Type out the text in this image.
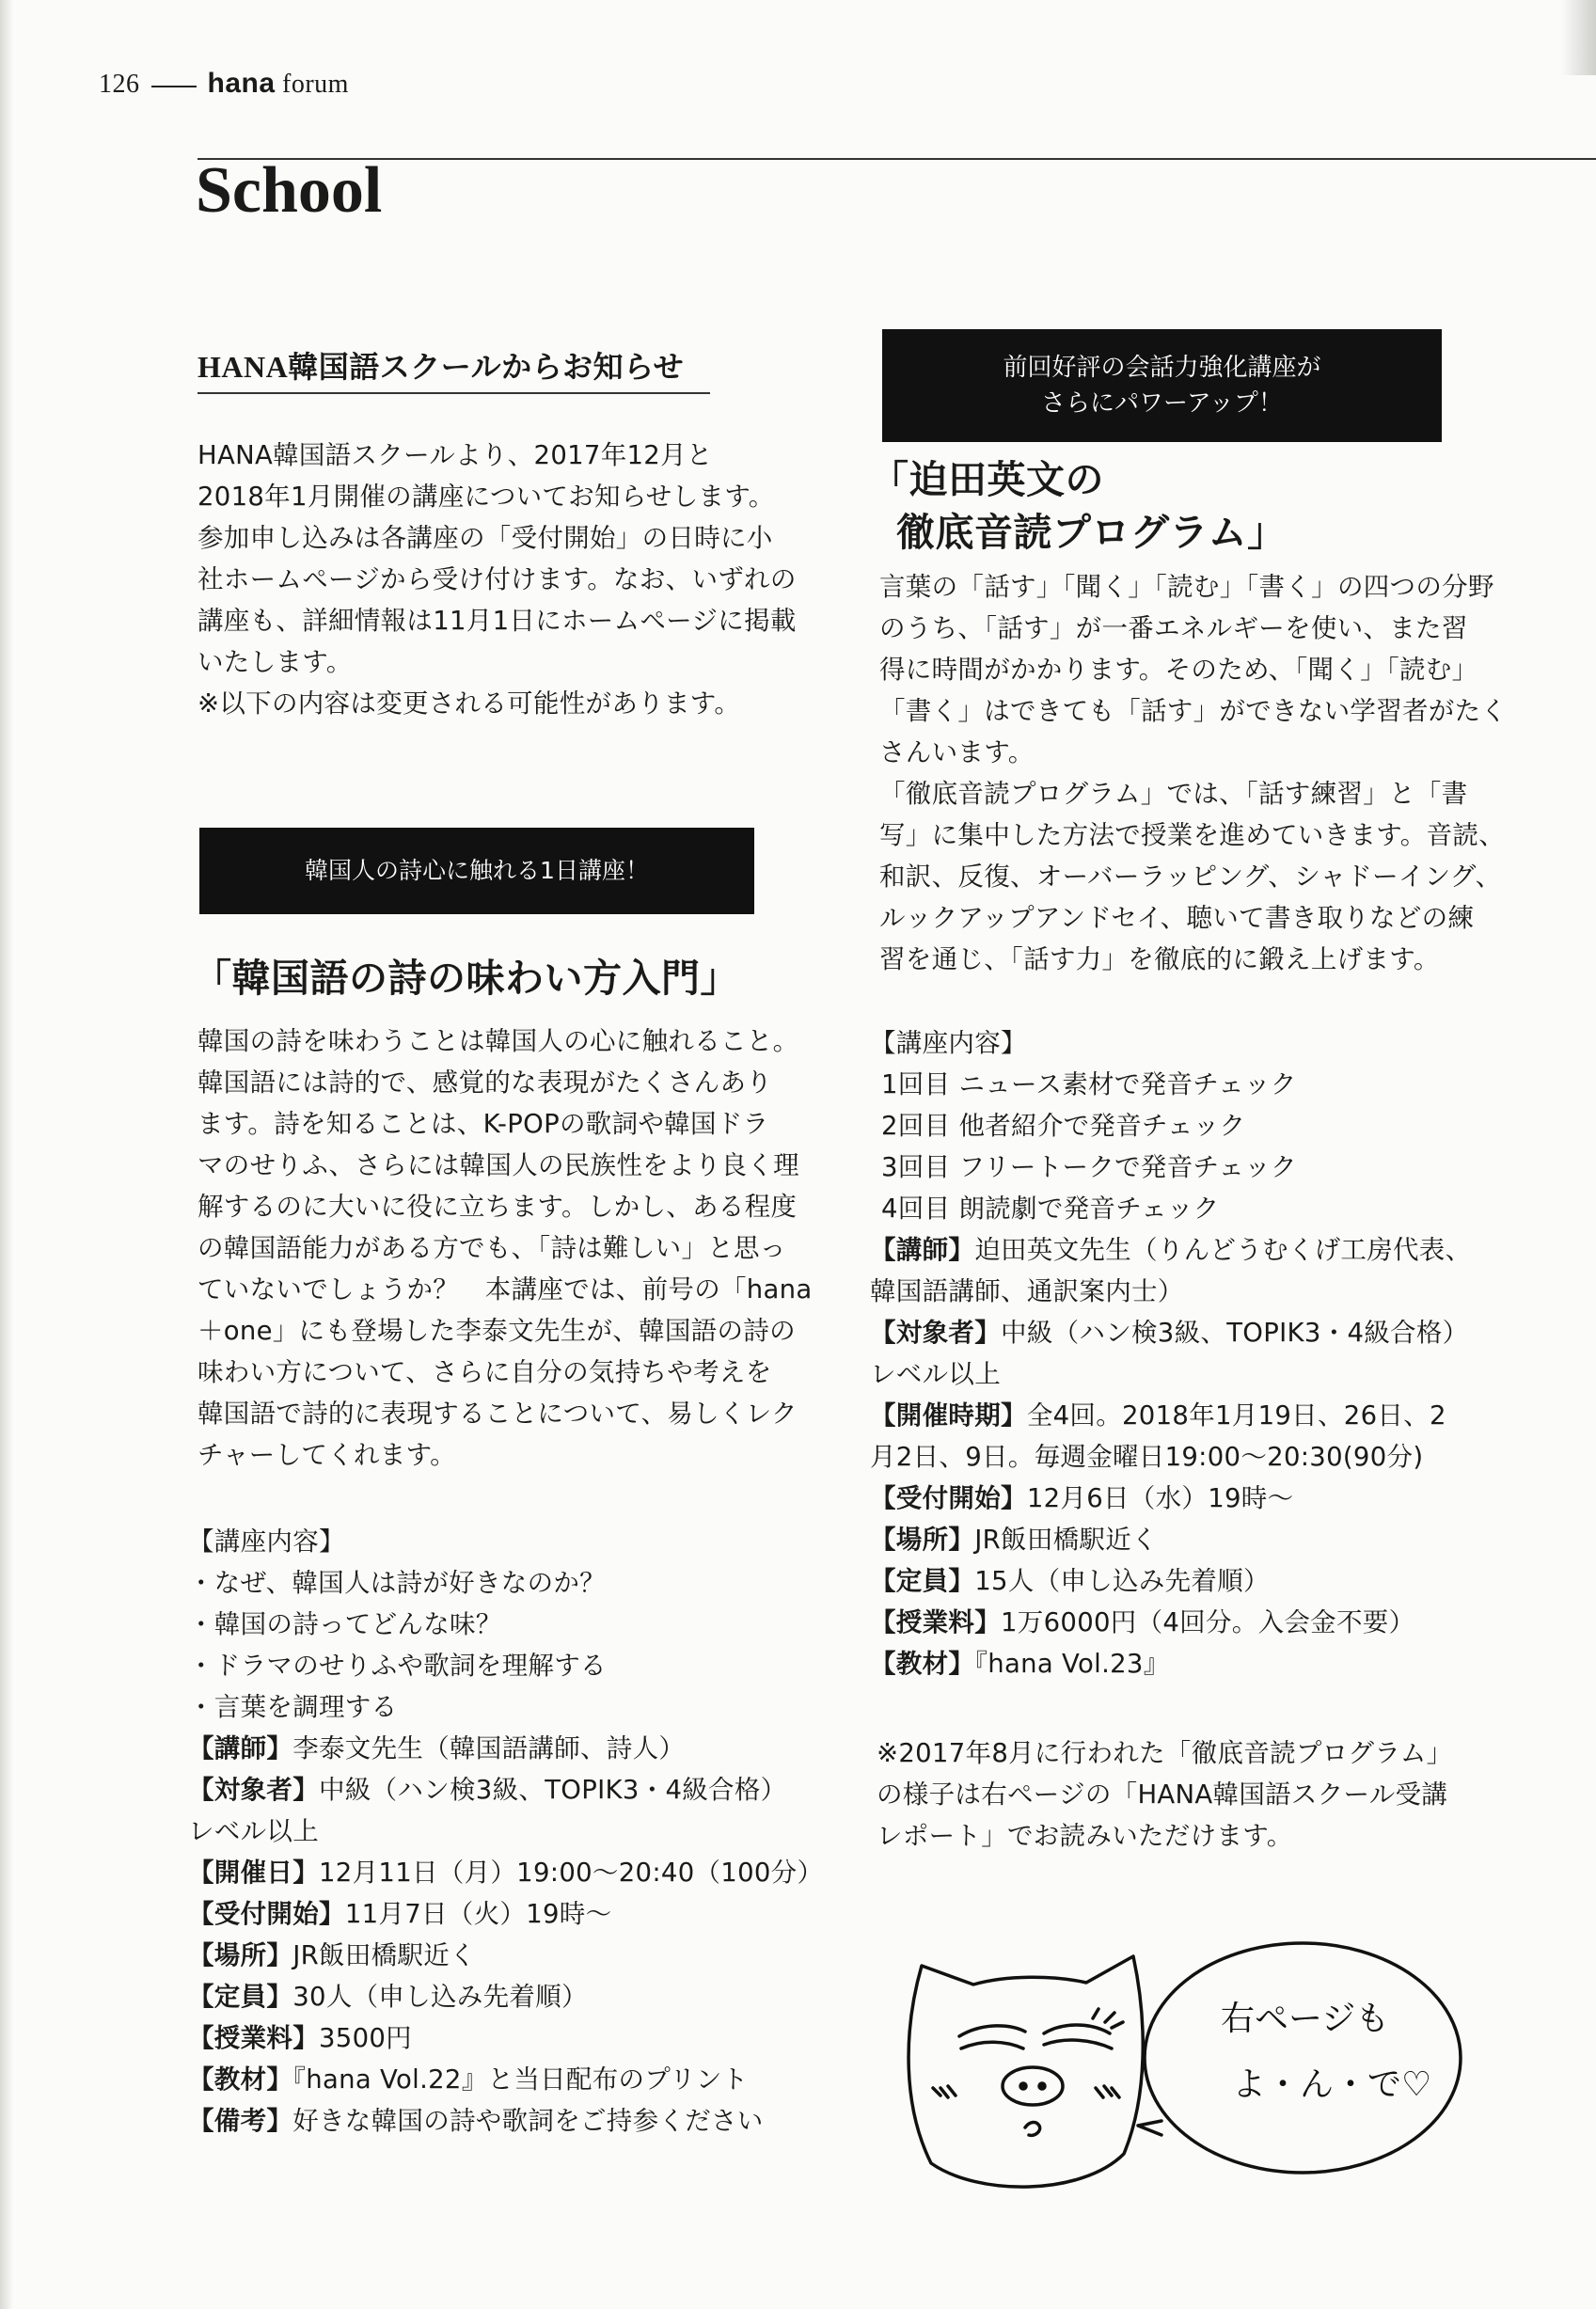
126 hana forum
School
HANA韓国語スクールからお知らせ
HANA韓国語スクールより、2017年12月と
2018年1月開催の講座についてお知らせします。
参加申し込みは各講座の「受付開始」の日時に小
社ホームページから受け付けます。なお、いずれの
講座も、詳細情報は11月1日にホームページに掲載
いたします。
※以下の内容は変更される可能性があります。
韓国人の詩心に触れる1日講座！
「韓国語の詩の味わい方入門」
韓国の詩を味わうことは韓国人の心に触れること。
韓国語には詩的で、感覚的な表現がたくさんあり
ます。詩を知ることは、K-POPの歌詞や韓国ドラ
マのせりふ、さらには韓国人の民族性をより良く理
解するのに大いに役に立ちます。しかし、ある程度
の韓国語能力がある方でも、「詩は難しい」と思っ
ていないでしょうか？　本講座では、前号の「hana
＋one」にも登場した李泰文先生が、韓国語の詩の
味わい方について、さらに自分の気持ちや考えを
韓国語で詩的に表現することについて、易しくレク
チャーしてくれます。
【講座内容】
・なぜ、韓国人は詩が好きなのか？
・韓国の詩ってどんな味？
・ドラマのせりふや歌詞を理解する
・言葉を調理する
【講師】李泰文先生（韓国語講師、詩人）
【対象者】中級（ハン検3級、TOPIK3・4級合格）
レベル以上
【開催日】12月11日（月）19:00～20:40（100分）
【受付開始】11月7日（火）19時～
【場所】JR飯田橋駅近く
【定員】30人（申し込み先着順）
【授業料】3500円
【教材】『hana Vol.22』と当日配布のプリント
【備考】好きな韓国の詩や歌詞をご持参ください
前回好評の会話力強化講座が
さらにパワーアップ！
「迫田英文の
徹底音読プログラム」
言葉の「話す」「聞く」「読む」「書く」の四つの分野
のうち、「話す」が一番エネルギーを使い、また習
得に時間がかかります。そのため、「聞く」「読む」
「書く」はできても「話す」ができない学習者がたく
さんいます。
「徹底音読プログラム」では、「話す練習」と「書
写」に集中した方法で授業を進めていきます。音読、
和訳、反復、オーバーラッピング、シャドーイング、
ルックアップアンドセイ、聴いて書き取りなどの練
習を通じ、「話す力」を徹底的に鍛え上げます。
【講座内容】
1回目 ニュース素材で発音チェック
2回目 他者紹介で発音チェック
3回目 フリートークで発音チェック
4回目 朗読劇で発音チェック
【講師】迫田英文先生（りんどうむくげ工房代表、
韓国語講師、通訳案内士）
【対象者】中級（ハン検3級、TOPIK3・4級合格）
レベル以上
【開催時期】全4回。2018年1月19日、26日、2
月2日、9日。毎週金曜日19:00～20:30(90分)
【受付開始】12月6日（水）19時～
【場所】JR飯田橋駅近く
【定員】15人（申し込み先着順）
【授業料】1万6000円（4回分。入会金不要）
【教材】『hana Vol.23』
※2017年8月に行われた「徹底音読プログラム」
の様子は右ページの「HANA韓国語スクール受講
レポート」でお読みいただけます。
右ページも
よ・ん・で♡
